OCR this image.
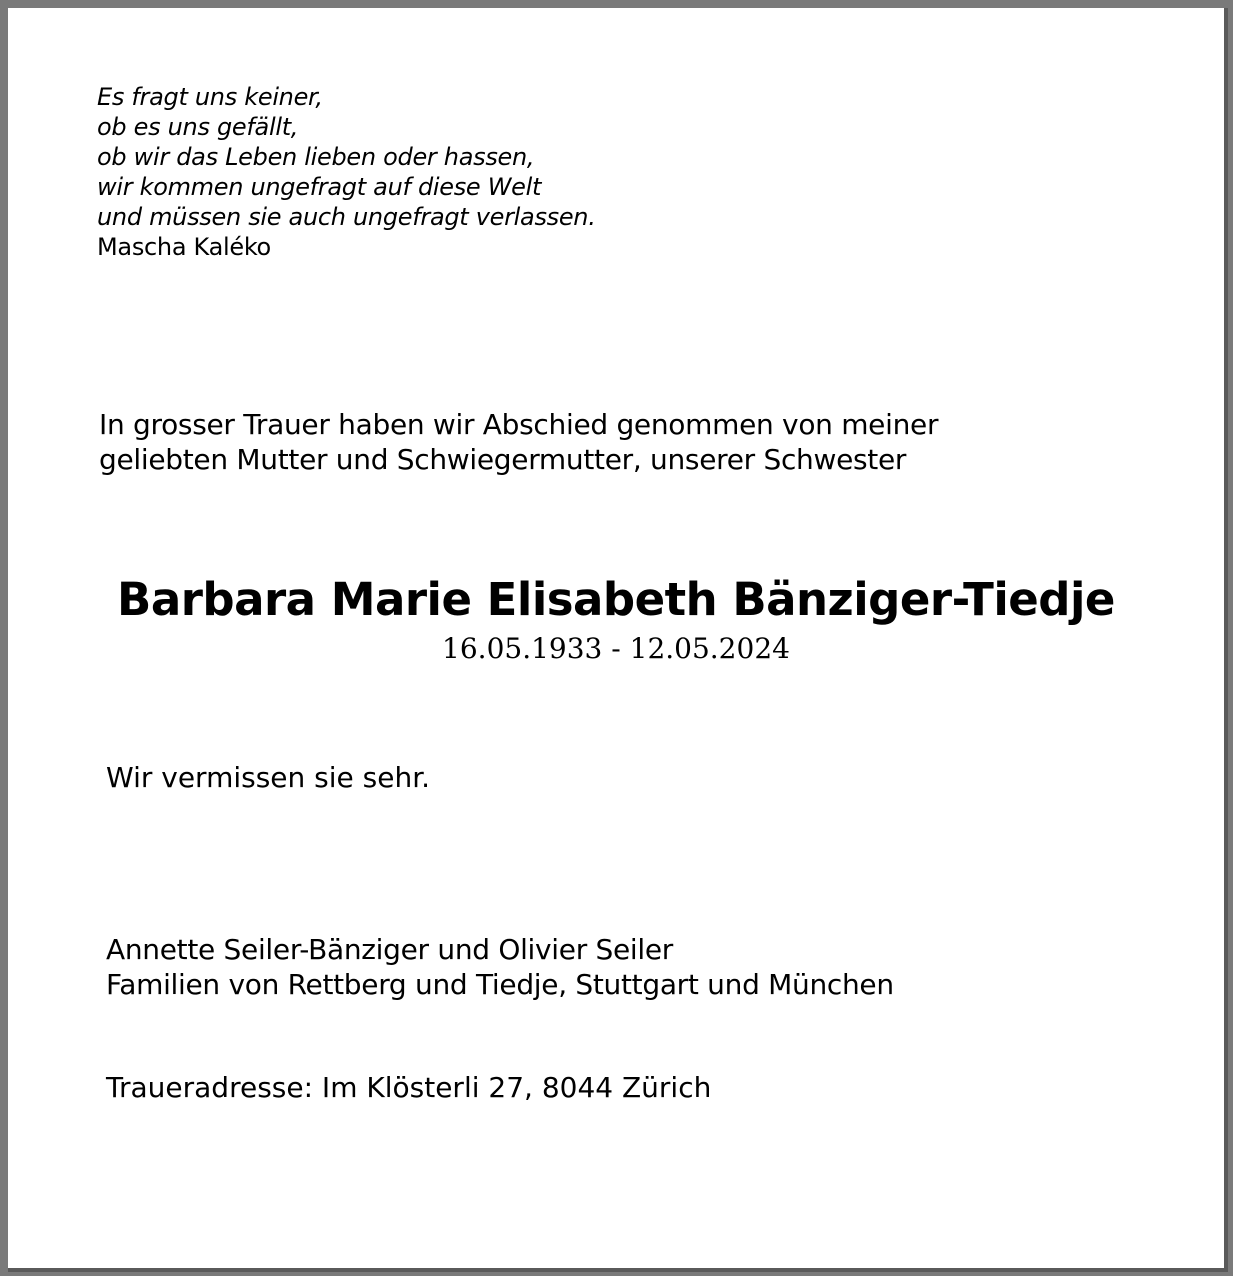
Es fragt uns keiner,
ob es uns gefällt,
ob wir das Leben lieben oder hassen,
wir kommen ungefragt auf diese Welt
und müssen sie auch ungefragt verlassen.
Mascha Kaléko
In grosser Trauer haben wir Abschied genommen von meiner
geliebten Mutter und Schwiegermutter, unserer Schwester
Barbara Marie Elisabeth Bänziger-Tiedje
16.05.1933 - 12.05.2024
Wir vermissen sie sehr.
Annette Seiler-Bänziger und Olivier Seiler
Familien von Rettberg und Tiedje, Stuttgart und München
Traueradresse: Im Klösterli 27, 8044 Zürich
